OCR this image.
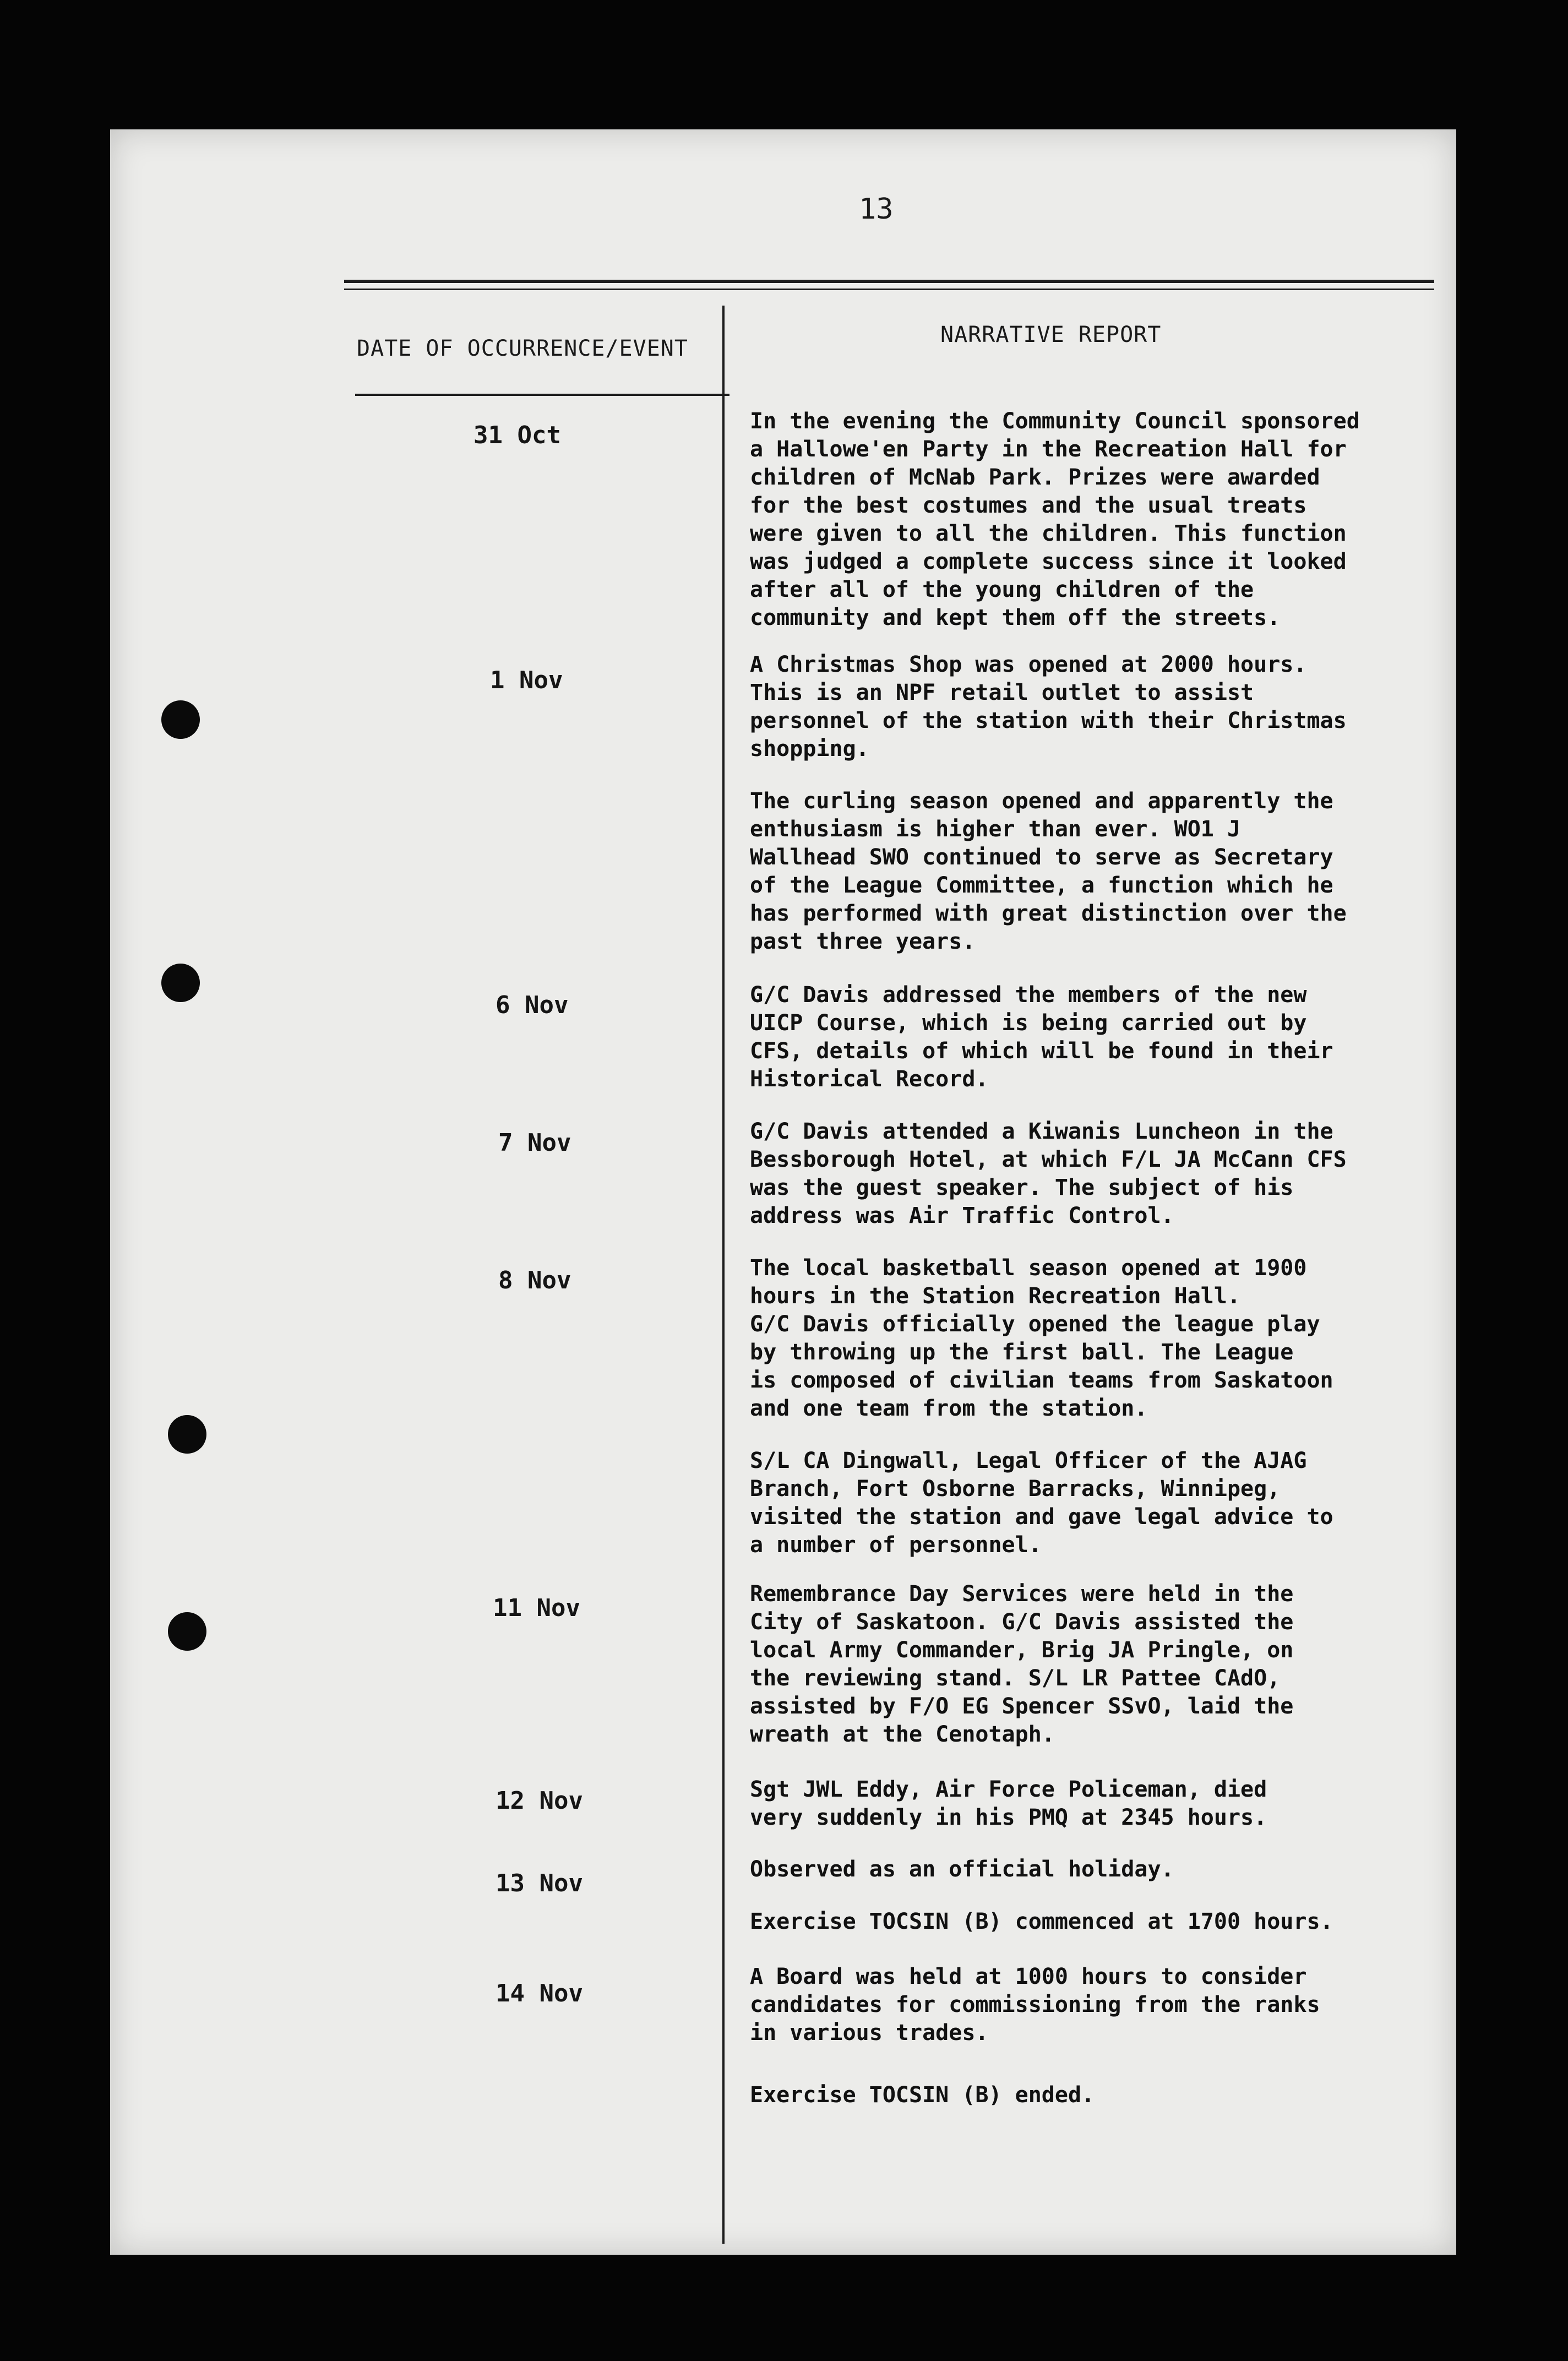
13
DATE OF OCCURRENCE/EVENT
NARRATIVE REPORT
31 Oct
1 Nov
6 Nov
7 Nov
8 Nov
11 Nov
12 Nov
13 Nov
14 Nov
In the evening the Community Council sponsored
a Hallowe'en Party in the Recreation Hall for
children of McNab Park. Prizes were awarded
for the best costumes and the usual treats
were given to all the children. This function
was judged a complete success since it looked
after all of the young children of the
community and kept them off the streets.
A Christmas Shop was opened at 2000 hours.
This is an NPF retail outlet to assist
personnel of the station with their Christmas
shopping.
The curling season opened and apparently the
enthusiasm is higher than ever. WO1 J
Wallhead SWO continued to serve as Secretary
of the League Committee, a function which he
has performed with great distinction over the
past three years.
G/C Davis addressed the members of the new
UICP Course, which is being carried out by
CFS, details of which will be found in their
Historical Record.
G/C Davis attended a Kiwanis Luncheon in the
Bessborough Hotel, at which F/L JA McCann CFS
was the guest speaker. The subject of his
address was Air Traffic Control.
The local basketball season opened at 1900
hours in the Station Recreation Hall.
G/C Davis officially opened the league play
by throwing up the first ball. The League
is composed of civilian teams from Saskatoon
and one team from the station.
S/L CA Dingwall, Legal Officer of the AJAG
Branch, Fort Osborne Barracks, Winnipeg,
visited the station and gave legal advice to
a number of personnel.
Remembrance Day Services were held in the
City of Saskatoon. G/C Davis assisted the
local Army Commander, Brig JA Pringle, on
the reviewing stand. S/L LR Pattee CAdO,
assisted by F/O EG Spencer SSvO, laid the
wreath at the Cenotaph.
Sgt JWL Eddy, Air Force Policeman, died
very suddenly in his PMQ at 2345 hours.
Observed as an official holiday.
Exercise TOCSIN (B) commenced at 1700 hours.
A Board was held at 1000 hours to consider
candidates for commissioning from the ranks
in various trades.
Exercise TOCSIN (B) ended.
